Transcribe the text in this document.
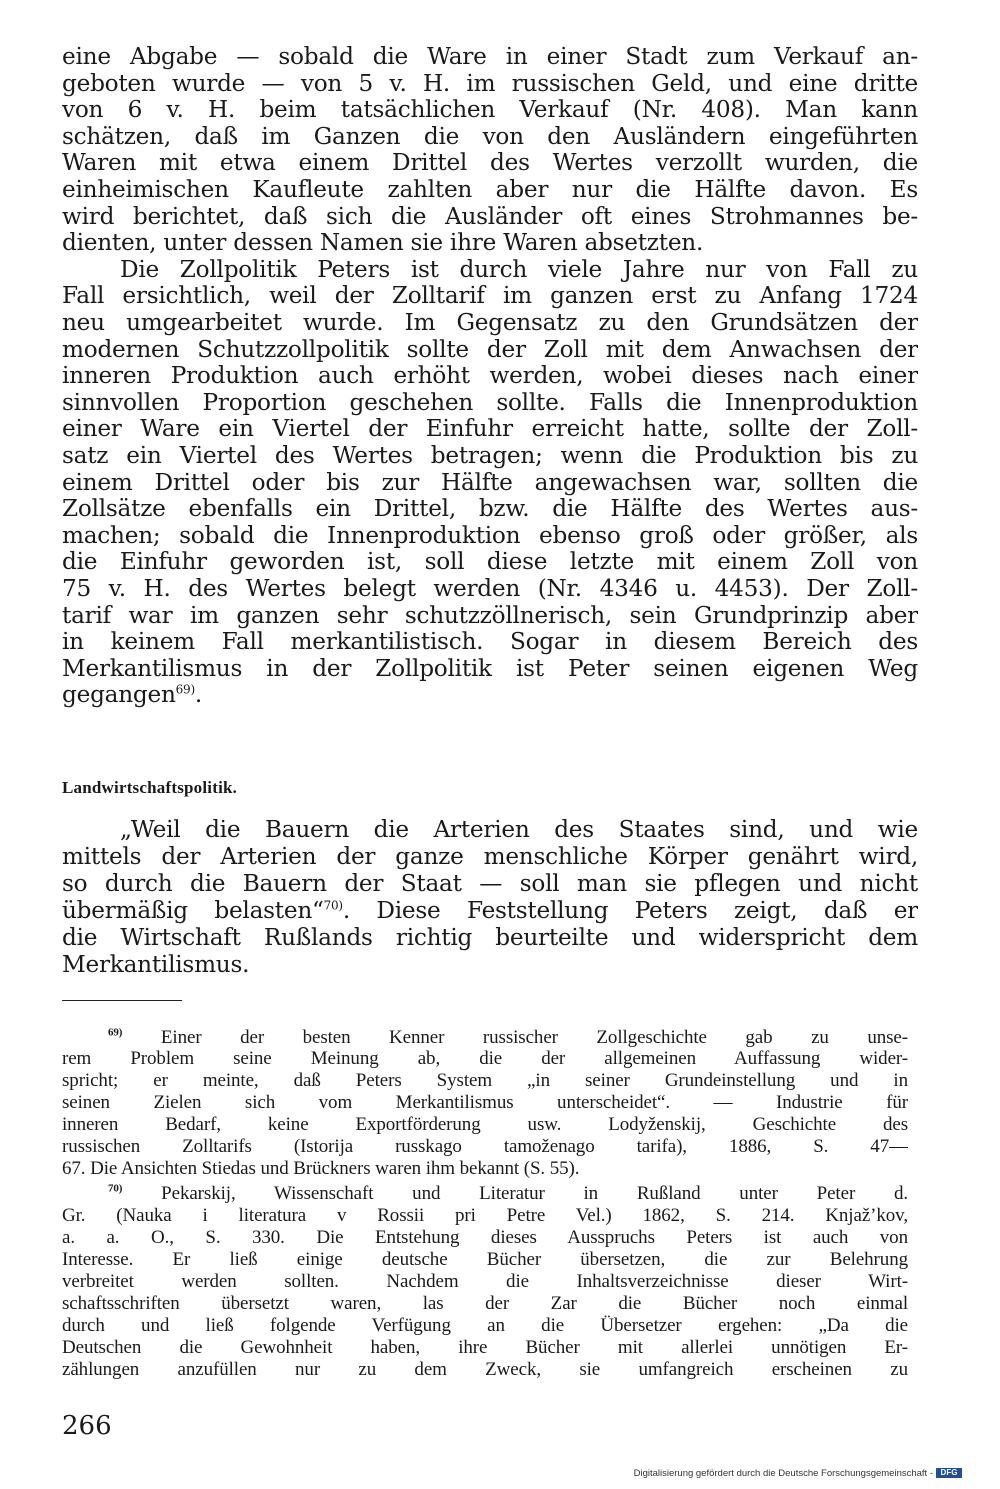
eine Abgabe — sobald die Ware in einer Stadt zum Verkauf an-
geboten wurde — von 5 v. H. im russischen Geld, und eine dritte
von 6 v. H. beim tatsächlichen Verkauf (Nr. 408). Man kann
schätzen, daß im Ganzen die von den Ausländern eingeführten
Waren mit etwa einem Drittel des Wertes verzollt wurden, die
einheimischen Kaufleute zahlten aber nur die Hälfte davon. Es
wird berichtet, daß sich die Ausländer oft eines Strohmannes be-
dienten, unter dessen Namen sie ihre Waren absetzten.
Die Zollpolitik Peters ist durch viele Jahre nur von Fall zu
Fall ersichtlich, weil der Zolltarif im ganzen erst zu Anfang 1724
neu umgearbeitet wurde. Im Gegensatz zu den Grundsätzen der
modernen Schutzzollpolitik sollte der Zoll mit dem Anwachsen der
inneren Produktion auch erhöht werden, wobei dieses nach einer
sinnvollen Proportion geschehen sollte. Falls die Innenproduktion
einer Ware ein Viertel der Einfuhr erreicht hatte, sollte der Zoll-
satz ein Viertel des Wertes betragen; wenn die Produktion bis zu
einem Drittel oder bis zur Hälfte angewachsen war, sollten die
Zollsätze ebenfalls ein Drittel, bzw. die Hälfte des Wertes aus-
machen; sobald die Innenproduktion ebenso groß oder größer, als
die Einfuhr geworden ist, soll diese letzte mit einem Zoll von
75 v. H. des Wertes belegt werden (Nr. 4346 u. 4453). Der Zoll-
tarif war im ganzen sehr schutzzöllnerisch, sein Grundprinzip aber
in keinem Fall merkantilistisch. Sogar in diesem Bereich des
Merkantilismus in der Zollpolitik ist Peter seinen eigenen Weg
gegangen$^{69)}$.
Landwirtschaftspolitik.
„Weil die Bauern die Arterien des Staates sind, und wie
mittels der Arterien der ganze menschliche Körper genährt wird,
so durch die Bauern der Staat — soll man sie pflegen und nicht
übermäßig belasten“$^{70)}$. Diese Feststellung Peters zeigt, daß er
die Wirtschaft Rußlands richtig beurteilte und widerspricht dem
Merkantilismus.
$^{69)}$ Einer der besten Kenner russischer Zollgeschichte gab zu unse-
rem Problem seine Meinung ab, die der allgemeinen Auffassung wider-
spricht; er meinte, daß Peters System „in seiner Grundeinstellung und in
seinen Zielen sich vom Merkantilismus unterscheidet“. — Industrie für
inneren Bedarf, keine Exportförderung usw. Lodyženskij, Geschichte des
russischen Zolltarifs (Istorija russkago tamoženago tarifa), 1886, S. 47—
67. Die Ansichten Stiedas und Brückners waren ihm bekannt (S. 55).
$^{70)}$ Pekarskij, Wissenschaft und Literatur in Rußland unter Peter d.
Gr. (Nauka i literatura v Rossii pri Petre Vel.) 1862, S. 214. Knjaž’kov,
a. a. O., S. 330. Die Entstehung dieses Ausspruchs Peters ist auch von
Interesse. Er ließ einige deutsche Bücher übersetzen, die zur Belehrung
verbreitet werden sollten. Nachdem die Inhaltsverzeichnisse dieser Wirt-
schaftsschriften übersetzt waren, las der Zar die Bücher noch einmal
durch und ließ folgende Verfügung an die Übersetzer ergehen: „Da die
Deutschen die Gewohnheit haben, ihre Bücher mit allerlei unnötigen Er-
zählungen anzufüllen nur zu dem Zweck, sie umfangreich erscheinen zu
266
Digitalisierung gefördert durch die Deutsche Forschungsgemeinschaft - DFG
